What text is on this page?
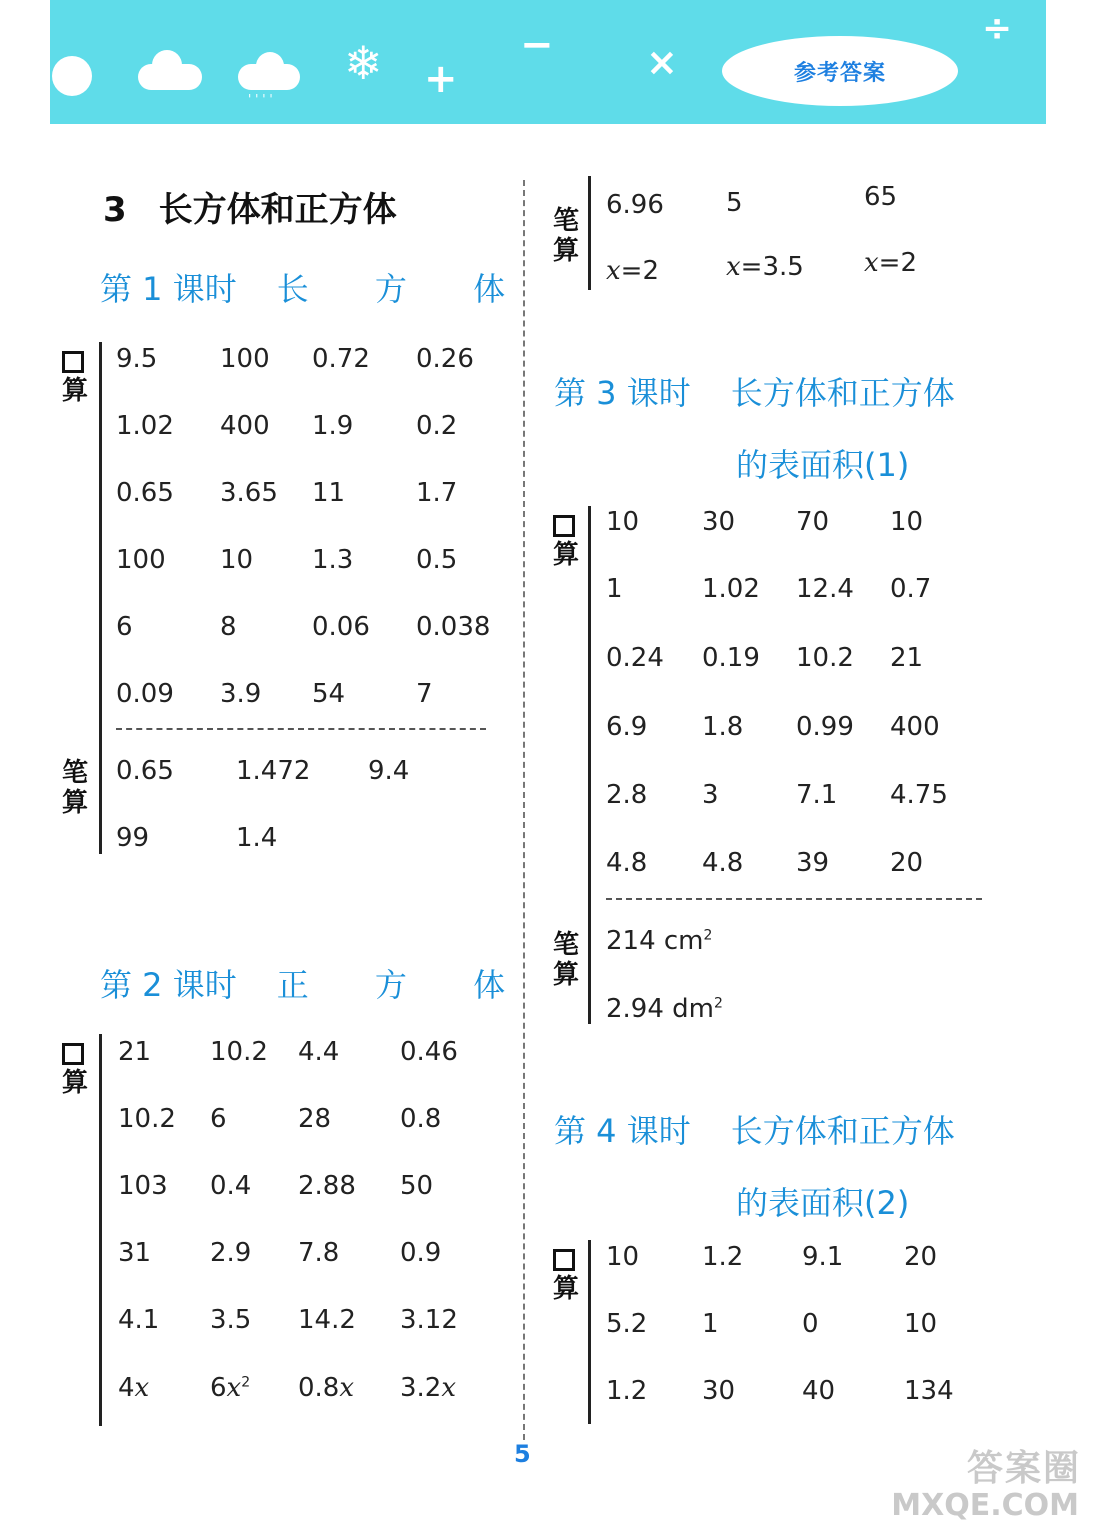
' ' ' '
❄ +
− ×
÷
参考答案
3 长方体和正方体
第 1 课时 长 方 体

算
9.5 100 0.72 0.26
1.02 400 1.9 0.2
0.65 3.65 11	1.7
100 10 1.3 0.5
6	8	0.06 0.038
0.09 3.9 54	7
笔
算
0.65 1.472 9.4
99	1.4
第 2 课时 正 方 体

算
21 10.2 4.4 0.46
10.2 6	28	0.8
103 0.4 2.88 50
31 2.9 7.8 0.9
4.1 3.5 14.2 3.12
4x $6x^2$ 0.8x 3.2x
笔
算
6.96 5	65
x=2	x=3.5 x=2
第 3 课时 长方体和正方体
的表面积(1)

算
10 30 70 10
1	1.02 12.4 0.7
0.24 0.19 10.2 21
6.9 1.8 0.99 400
2.8 3	7.1 4.75
4.8 4.8 39 20
笔
算
214 $cm^2$
2.94 $dm^2$
第 4 课时 长方体和正方体
的表面积(2)

算
10 1.2 9.1 20
5.2 1	0	10
1.2 30	40	134
5	答案圈
MXQE.COM
